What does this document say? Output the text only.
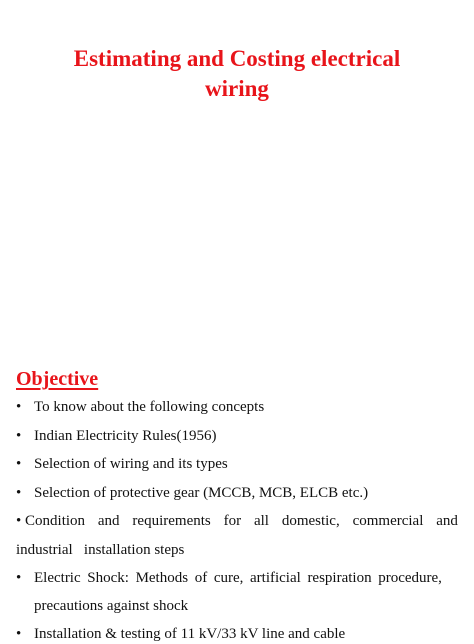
Estimating and Costing electrical
wiring
Objective
• To know about the following concepts
• Indian Electricity Rules(1956)
• Selection of wiring and its types
• Selection of protective gear (MCCB, MCB, ELCB etc.)
• Condition and requirements for all domestic, commercial and
industrial   installation steps
• Electric Shock: Methods of cure, artificial respiration procedure,
precautions against shock
• Installation & testing of 11 kV/33 kV line and cable
